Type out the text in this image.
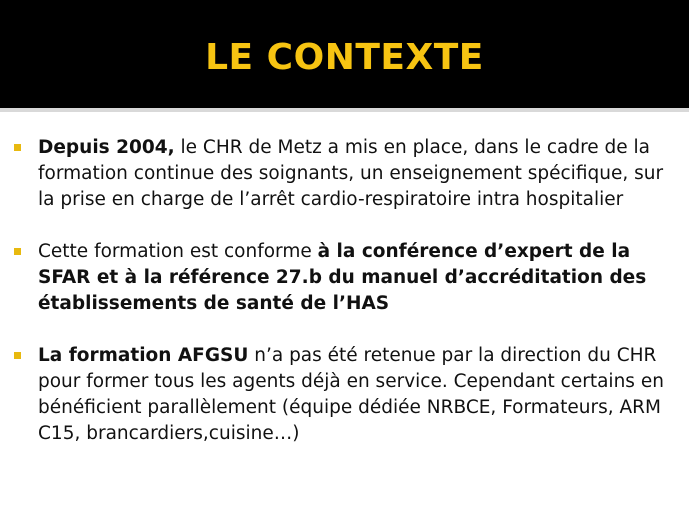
LE CONTEXTE
Depuis 2004, le CHR de Metz a mis en place, dans le cadre de la formation continue des soignants, un enseignement spécifique, sur la prise en charge de l’arrêt cardio-respiratoire intra hospitalier
Cette formation est conforme à la conférence d’expert de la SFAR et à la référence 27.b du manuel d’accréditation des établissements de santé de l’HAS
La formation AFGSU n’a pas été retenue par la direction du CHR pour former tous les agents déjà en service. Cependant certains en bénéficient parallèlement (équipe dédiée NRBCE, Formateurs, ARM C15, brancardiers,cuisine…)
